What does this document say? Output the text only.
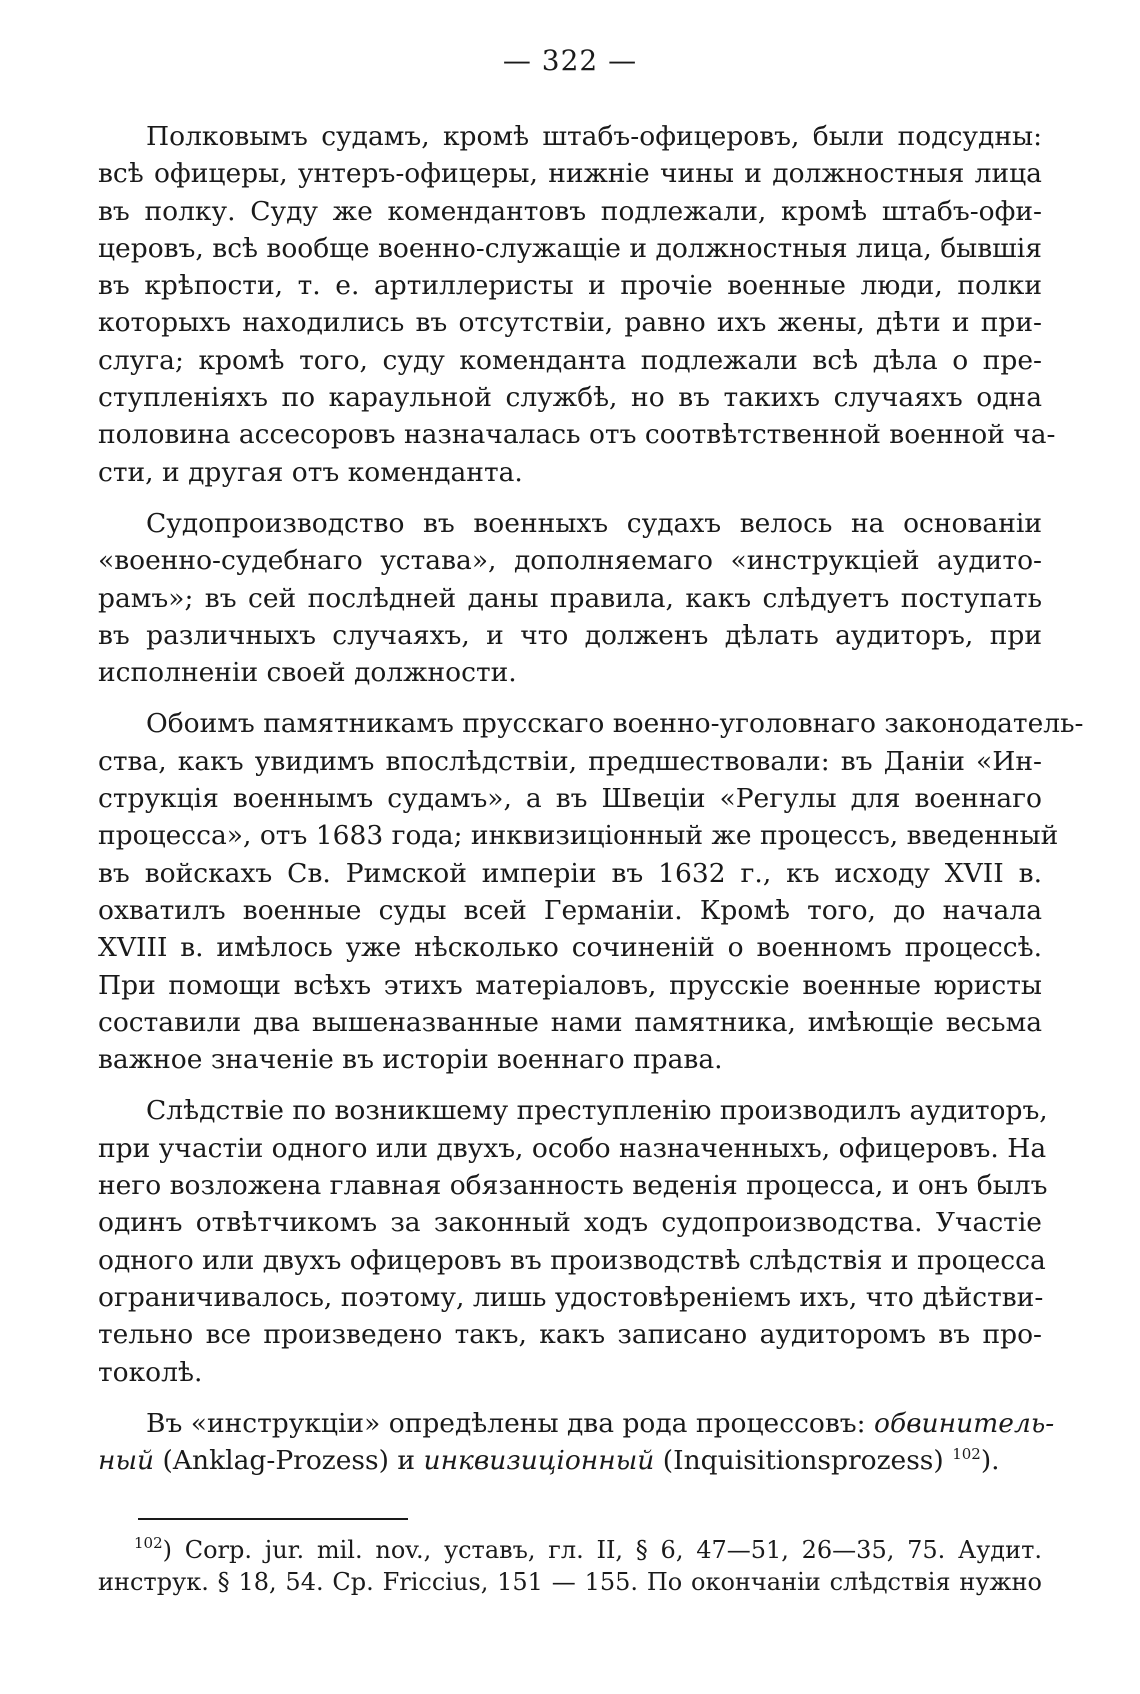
— 322 —
Полковымъ судамъ, кромѣ штабъ-офицеровъ, были подсудны:
всѣ офицеры, унтеръ-офицеры, нижніе чины и должностныя лица
въ полку. Суду же комендантовъ подлежали, кромѣ штабъ-офи-
церовъ, всѣ вообще военно-служащіе и должностныя лица, бывшія
въ крѣпости, т. е. артиллеристы и прочіе военные люди, полки
которыхъ находились въ отсутствіи, равно ихъ жены, дѣти и при-
слуга; кромѣ того, суду коменданта подлежали всѣ дѣла о пре-
ступленіяхъ по караульной службѣ, но въ такихъ случаяхъ одна
половина ассесоровъ назначалась отъ соотвѣтственной военной ча-
сти, и другая отъ коменданта.
Судопроизводство въ военныхъ судахъ велось на основаніи
«военно-судебнаго устава», дополняемаго «инструкціей аудито-
рамъ»; въ сей послѣдней даны правила, какъ слѣдуетъ поступать
въ различныхъ случаяхъ, и что долженъ дѣлать аудиторъ, при
исполненіи своей должности.
Обоимъ памятникамъ прусскаго военно-уголовнаго законодатель-
ства, какъ увидимъ впослѣдствіи, предшествовали: въ Даніи «Ин-
струкція военнымъ судамъ», а въ Швеціи «Регулы для военнаго
процесса», отъ 1683 года; инквизиціонный же процессъ, введенный
въ войскахъ Св. Римской имперіи въ 1632 г., къ исходу XVII в.
охватилъ военные суды всей Германіи. Кромѣ того, до начала
XVIII в. имѣлось уже нѣсколько сочиненій о военномъ процессѣ.
При помощи всѣхъ этихъ матеріаловъ, прусскіе военные юристы
составили два вышеназванные нами памятника, имѣющіе весьма
важное значеніе въ исторіи военнаго права.
Слѣдствіе по возникшему преступленію производилъ аудиторъ,
при участіи одного или двухъ, особо назначенныхъ, офицеровъ. На
него возложена главная обязанность веденія процесса, и онъ былъ
одинъ отвѣтчикомъ за законный ходъ судопроизводства. Участіе
одного или двухъ офицеровъ въ производствѣ слѣдствія и процесса
ограничивалось, поэтому, лишь удостовѣреніемъ ихъ, что дѣйстви-
тельно все произведено такъ, какъ записано аудиторомъ въ про-
токолѣ.
Въ «инструкціи» опредѣлены два рода процессовъ: обвинитель-
ный (Anklag-Prozess) и инквизиціонный (Inquisitionsprozess) $^{102}$).
$^{102}$) Corp. jur. mil. nov., уставъ, гл. II, § 6, 47—51, 26—35, 75. Аудит.
инструк. § 18, 54. Ср. Friccius, 151 — 155. По окончаніи слѣдствія нужно
